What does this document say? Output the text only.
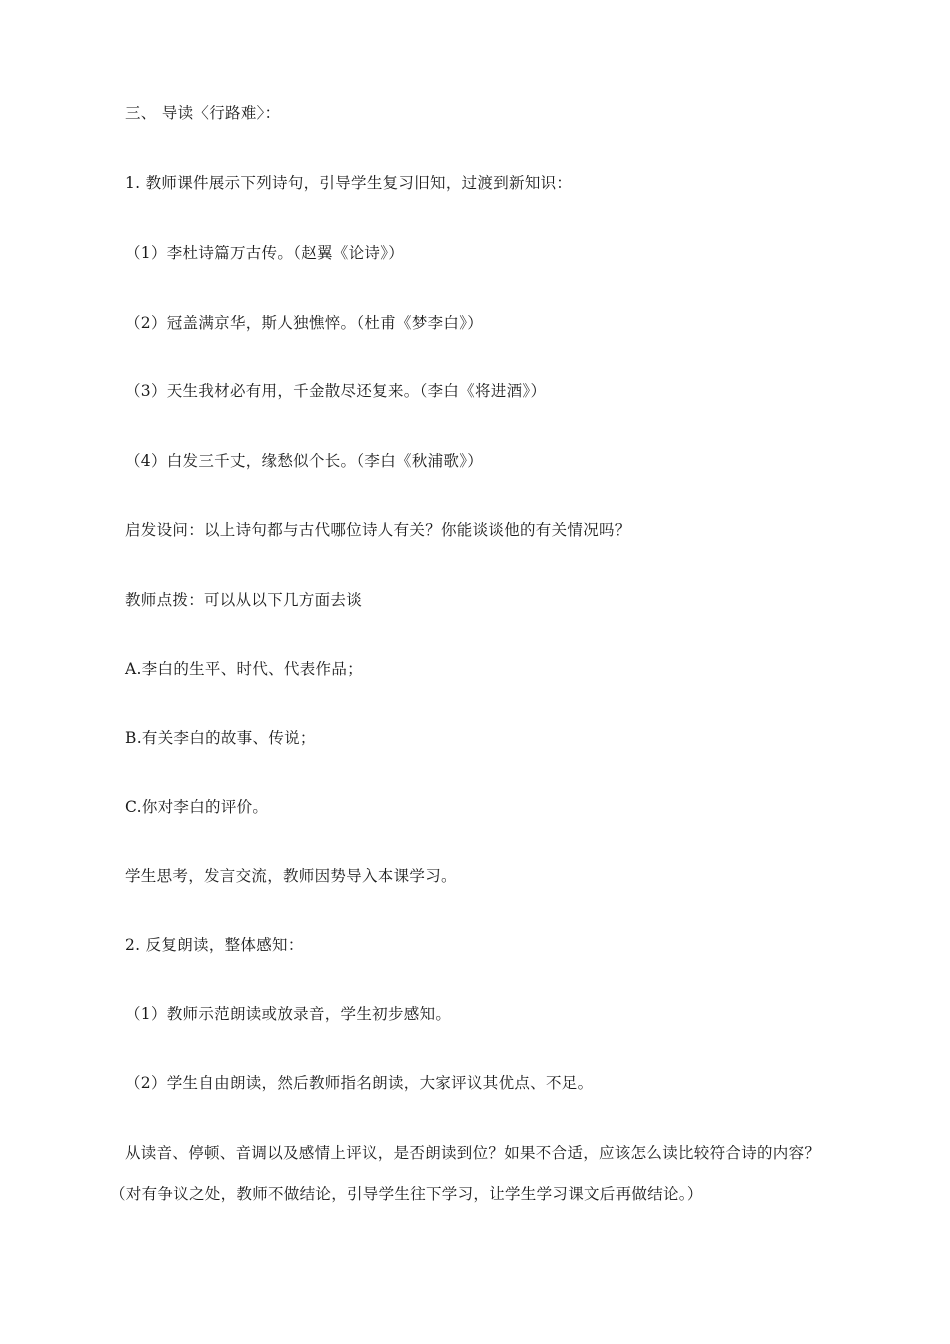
三、 导读〈行路难〉：
1. 教师课件展示下列诗句，引导学生复习旧知，过渡到新知识：
（1）李杜诗篇万古传。（赵翼《论诗》）
（2）冠盖满京华，斯人独憔悴。（杜甫《梦李白》）
（3）天生我材必有用，千金散尽还复来。（李白《将进酒》）
（4）白发三千丈，缘愁似个长。（李白《秋浦歌》）
启发设问：以上诗句都与古代哪位诗人有关？你能谈谈他的有关情况吗？
教师点拨：可以从以下几方面去谈
A.李白的生平、时代、代表作品；
B.有关李白的故事、传说；
C.你对李白的评价。
学生思考，发言交流，教师因势导入本课学习。
2. 反复朗读，整体感知：
（1）教师示范朗读或放录音，学生初步感知。
（2）学生自由朗读，然后教师指名朗读，大家评议其优点、不足。
从读音、停顿、音调以及感情上评议，是否朗读到位？如果不合适，应该怎么读比较符合诗的内容？
（对有争议之处，教师不做结论，引导学生往下学习，让学生学习课文后再做结论。）
